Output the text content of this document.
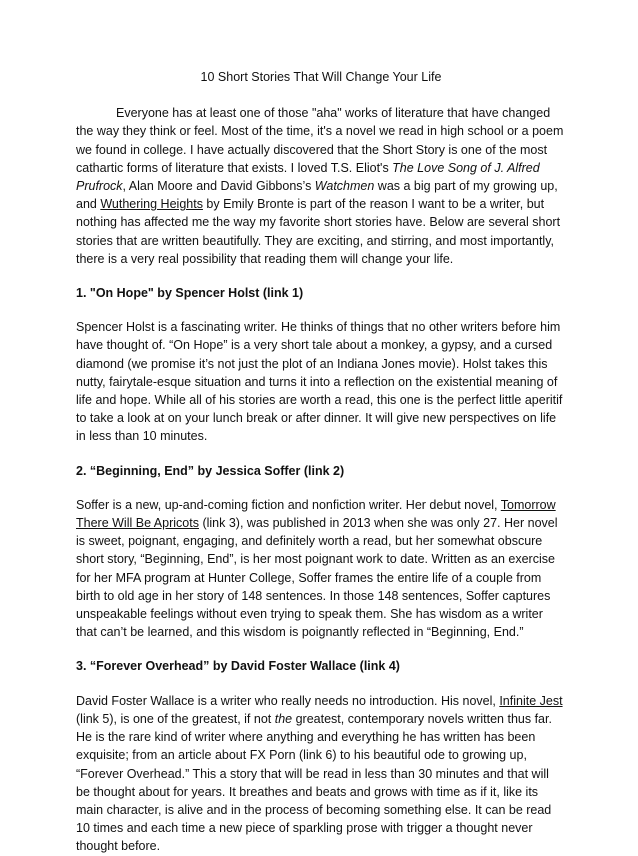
10 Short Stories That Will Change Your Life

Everyone has at least one of those "aha" works of literature that have changed the way they think or feel. Most of the time, it's a novel we read in high school or a poem we found in college. I have actually discovered that the Short Story is one of the most cathartic forms of literature that exists. I loved T.S. Eliot's The Love Song of J. Alfred Prufrock, Alan Moore and David Gibbons’s Watchmen was a big part of my growing up, and Wuthering Heights by Emily Bronte is part of the reason I want to be a writer, but nothing has affected me the way my favorite short stories have. Below are several short stories that are written beautifully. They are exciting, and stirring, and most importantly, there is a very real possibility that reading them will change your life.

1. "On Hope" by Spencer Holst (link 1)

Spencer Holst is a fascinating writer. He thinks of things that no other writers before him have thought of. “On Hope” is a very short tale about a monkey, a gypsy, and a cursed diamond (we promise it’s not just the plot of an Indiana Jones movie). Holst takes this nutty, fairytale-esque situation and turns it into a reflection on the existential meaning of life and hope. While all of his stories are worth a read, this one is the perfect little aperitif to take a look at on your lunch break or after dinner. It will give new perspectives on life in less than 10 minutes.

2. “Beginning, End” by Jessica Soffer (link 2)

Soffer is a new, up-and-coming fiction and nonfiction writer. Her debut novel, Tomorrow There Will Be Apricots (link 3), was published in 2013 when she was only 27. Her novel is sweet, poignant, engaging, and definitely worth a read, but her somewhat obscure short story, “Beginning, End”, is her most poignant work to date. Written as an exercise for her MFA program at Hunter College, Soffer frames the entire life of a couple from birth to old age in her story of 148 sentences. In those 148 sentences, Soffer captures unspeakable feelings without even trying to speak them. She has wisdom as a writer that can’t be learned, and this wisdom is poignantly reflected in “Beginning, End.”

3. “Forever Overhead” by David Foster Wallace (link 4)

David Foster Wallace is a writer who really needs no introduction. His novel, Infinite Jest (link 5), is one of the greatest, if not the greatest, contemporary novels written thus far. He is the rare kind of writer where anything and everything he has written has been exquisite; from an article about FX Porn (link 6) to his beautiful ode to growing up, “Forever Overhead.” This a story that will be read in less than 30 minutes and that will be thought about for years. It breathes and beats and grows with time as if it, like its main character, is alive and in the process of becoming something else. It can be read 10 times and each time a new piece of sparkling prose with trigger a thought never thought before.
